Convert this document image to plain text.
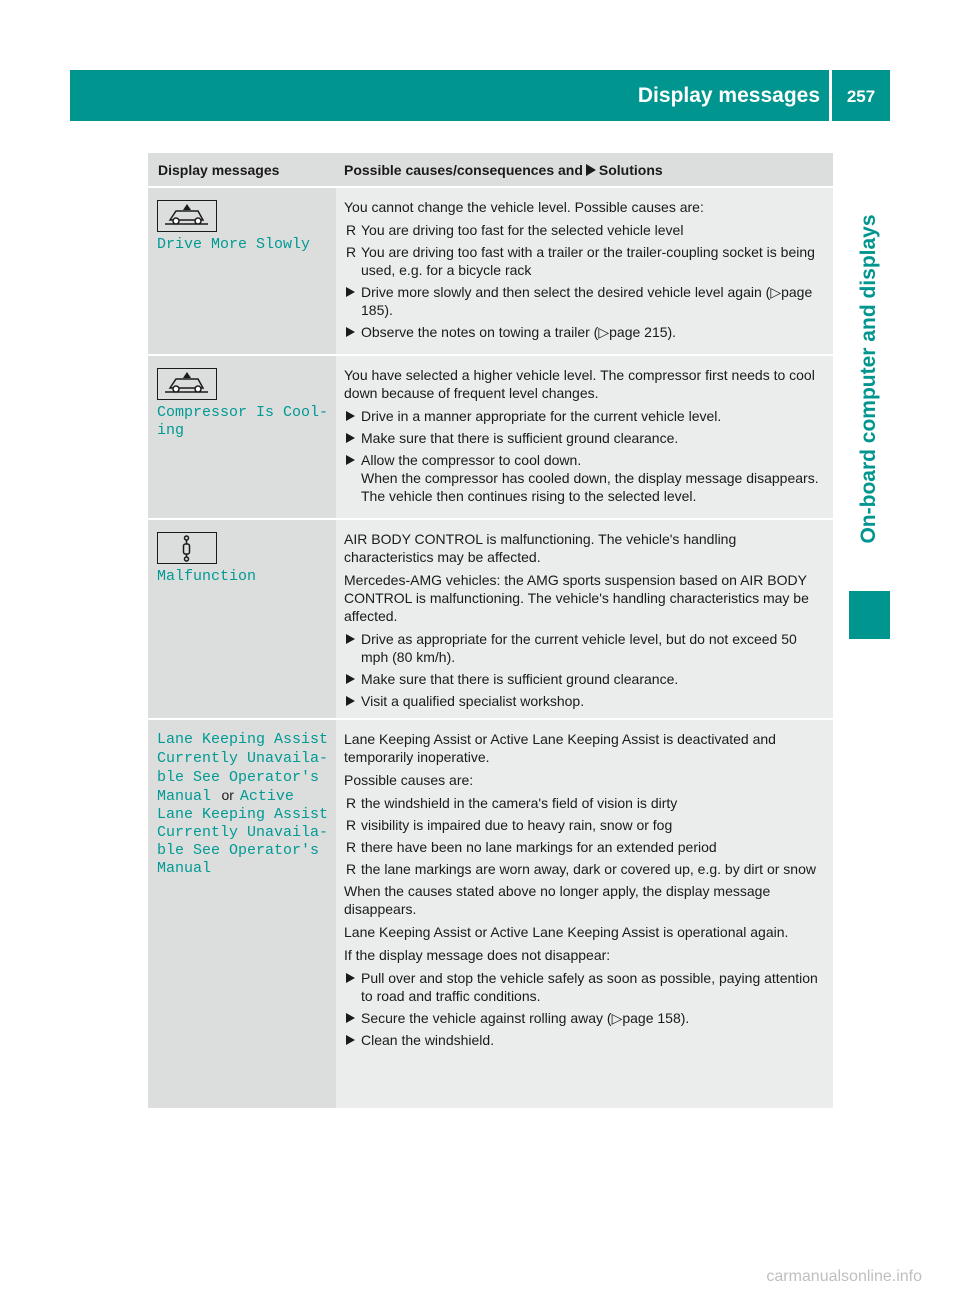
Display messages	257
On-board computer and displays
Display messages	Possible causes/consequences and Solutions
Drive More Slowly

You cannot change the vehicle level. Possible causes are:

R You are driving too fast for the selected vehicle level
R You are driving too fast with a trailer or the trailer-coupling socket is being used, e.g. for a bicycle rack
Drive more slowly and then select the desired vehicle level again (▷page 185).
Observe the notes on towing a trailer (▷page 215).
Compressor Is Cool‑
ing

You have selected a higher vehicle level. The compressor first needs to cool down because of frequent level changes.

Drive in a manner appropriate for the current vehicle level.
Make sure that there is sufficient ground clearance.
Allow the compressor to cool down.
When the compressor has cooled down, the display message disappears. The vehicle then continues rising to the selected level.
Malfunction

AIR BODY CONTROL is malfunctioning. The vehicle's handling characteristics may be affected.

Mercedes-AMG vehicles: the AMG sports suspension based on AIR BODY CONTROL is malfunctioning. The vehicle's handling characteristics may be affected.

Drive as appropriate for the current vehicle level, but do not exceed 50 mph (80 km/h).
Make sure that there is sufficient ground clearance.
Visit a qualified specialist workshop.
Lane Keeping Assist
Currently Unavaila‑
ble See Operator's
Manual or Active
Lane Keeping Assist
Currently Unavaila‑
ble See Operator's
Manual

Lane Keeping Assist or Active Lane Keeping Assist is deactivated and temporarily inoperative.

Possible causes are:

R the windshield in the camera's field of vision is dirty
R visibility is impaired due to heavy rain, snow or fog
R there have been no lane markings for an extended period
R the lane markings are worn away, dark or covered up, e.g. by dirt or snow

When the causes stated above no longer apply, the display message disappears.

Lane Keeping Assist or Active Lane Keeping Assist is operational again.

If the display message does not disappear:

Pull over and stop the vehicle safely as soon as possible, paying attention to road and traffic conditions.
Secure the vehicle against rolling away (▷page 158).
Clean the windshield.
carmanualsonline.info
